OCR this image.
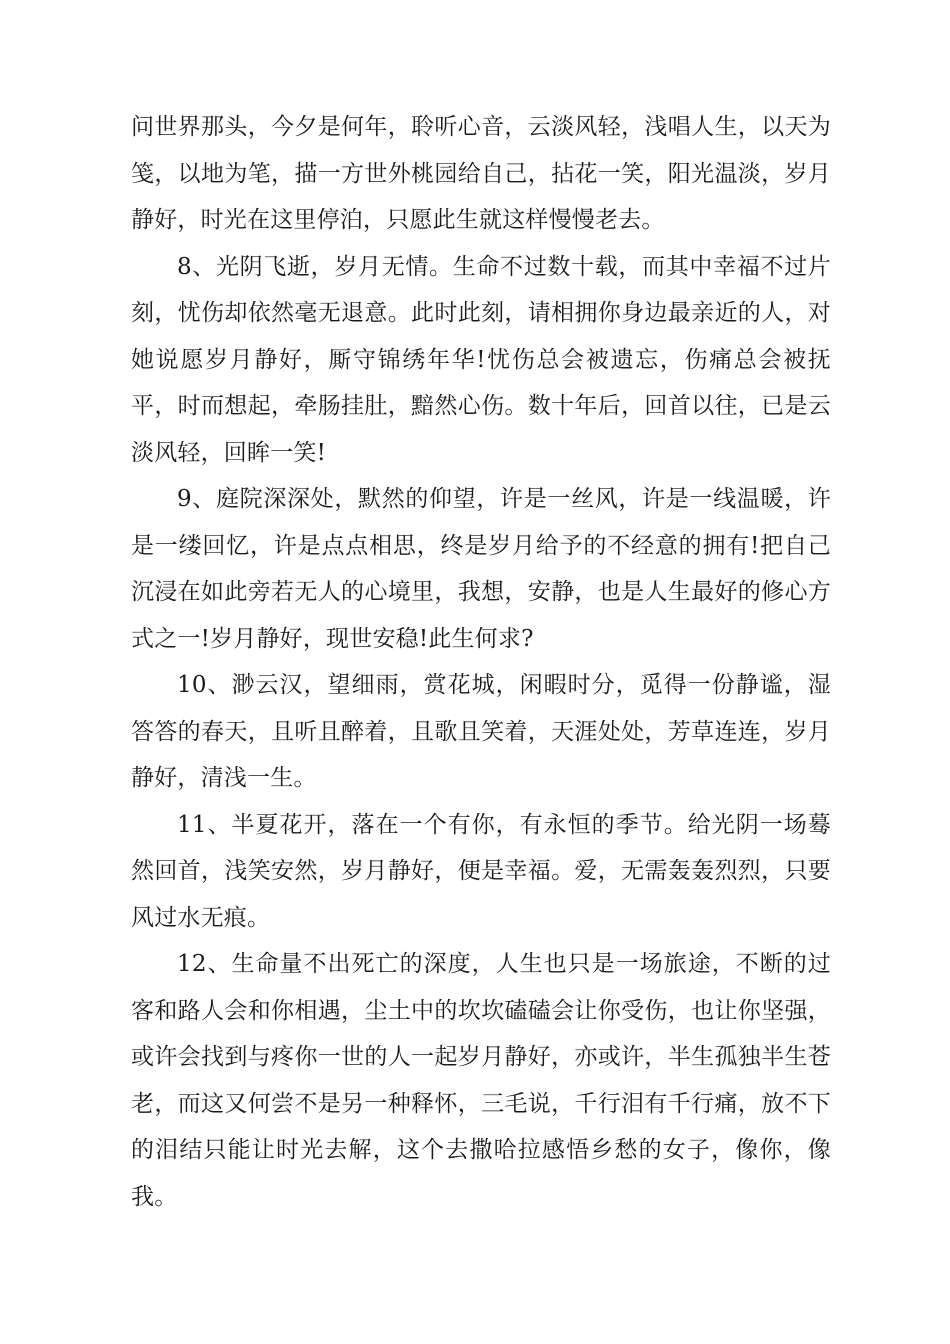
问世界那头，今夕是何年，聆听心音，云淡风轻，浅唱人生，以天为笺，以地为笔，描一方世外桃园给自己，拈花一笑，阳光温淡，岁月静好，时光在这里停泊，只愿此生就这样慢慢老去。

8、光阴飞逝，岁月无情。生命不过数十载，而其中幸福不过片刻，忧伤却依然毫无退意。此时此刻，请相拥你身边最亲近的人，对她说愿岁月静好，厮守锦绣年华!忧伤总会被遗忘，伤痛总会被抚平，时而想起，牵肠挂肚，黯然心伤。数十年后，回首以往，已是云淡风轻，回眸一笑!

9、庭院深深处，默然的仰望，许是一丝风，许是一线温暖，许是一缕回忆，许是点点相思，终是岁月给予的不经意的拥有!把自己沉浸在如此旁若无人的心境里，我想，安静，也是人生最好的修心方式之一!岁月静好，现世安稳!此生何求?

10、渺云汉，望细雨，赏花城，闲暇时分，觅得一份静谧，湿答答的春天，且听且醉着，且歌且笑着，天涯处处，芳草连连，岁月静好，清浅一生。

11、半夏花开，落在一个有你，有永恒的季节。给光阴一场蓦然回首，浅笑安然，岁月静好，便是幸福。爱，无需轰轰烈烈，只要风过水无痕。

12、生命量不出死亡的深度，人生也只是一场旅途，不断的过客和路人会和你相遇，尘土中的坎坎磕磕会让你受伤，也让你坚强，或许会找到与疼你一世的人一起岁月静好，亦或许，半生孤独半生苍老，而这又何尝不是另一种释怀，三毛说，千行泪有千行痛，放不下的泪结只能让时光去解，这个去撒哈拉感悟乡愁的女子，像你，像我。
